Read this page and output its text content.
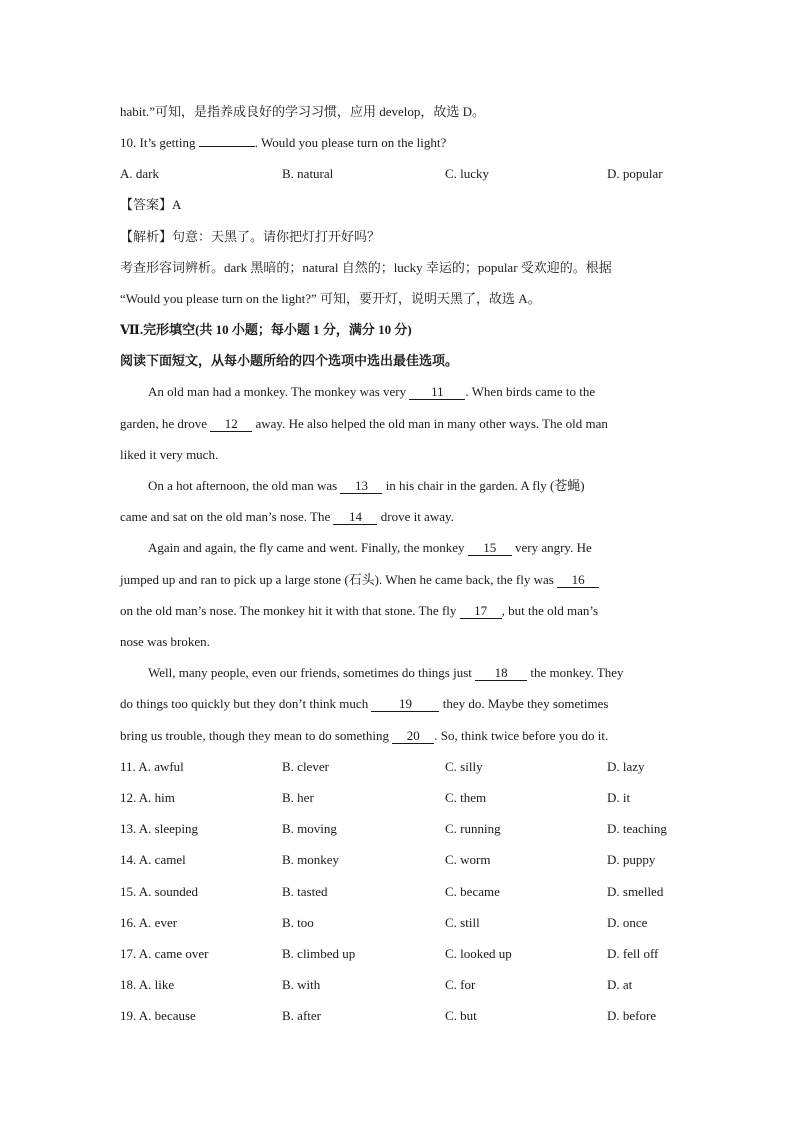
habit.”可知，是指养成良好的学习习惯，应用 develop，故选 D。
10. It’s getting	. Would you please turn on the light?
A. dark	B. natural	C. lucky	D. popular
【答案】A
【解析】句意：天黑了。请你把灯打开好吗？
考查形容词辨析。dark 黑暗的；natural 自然的；lucky 幸运的；popular 受欢迎的。根据
“Would you please turn on the light?” 可知，要开灯，说明天黑了，故选 A。
Ⅶ.完形填空(共 10 小题；每小题 1 分，满分 10 分)
阅读下面短文，从每小题所给的四个选项中选出最佳选项。
An old man had a monkey. The monkey was very 11 . When birds came to the
garden, he drove 12 away. He also helped the old man in many other ways. The old man
liked it very much.
On a hot afternoon, the old man was 13 in his chair in the garden. A fly (苍蝇)
came and sat on the old man’s nose. The 14 drove it away.
Again and again, the fly came and went. Finally, the monkey 15 very angry. He
jumped up and ran to pick up a large stone (石头). When he came back, the fly was 16
on the old man’s nose. The monkey hit it with that stone. The fly 17 , but the old man’s
nose was broken.
Well, many people, even our friends, sometimes do things just 18 the monkey. They
do things too quickly but they don’t think much 19 they do. Maybe they sometimes
bring us trouble, though they mean to do something 20 . So, think twice before you do it.
11. A. awful	B. clever	C. silly	D. lazy
12. A. him	B. her	C. them	D. it
13. A. sleeping	B. moving	C. running	D. teaching
14. A. camel	B. monkey	C. worm	D. puppy
15. A. sounded	B. tasted	C. became	D. smelled
16. A. ever	B. too	C. still	D. once
17. A. came over	B. climbed up	C. looked up	D. fell off
18. A. like	B. with	C. for	D. at
19. A. because	B. after	C. but	D. before
